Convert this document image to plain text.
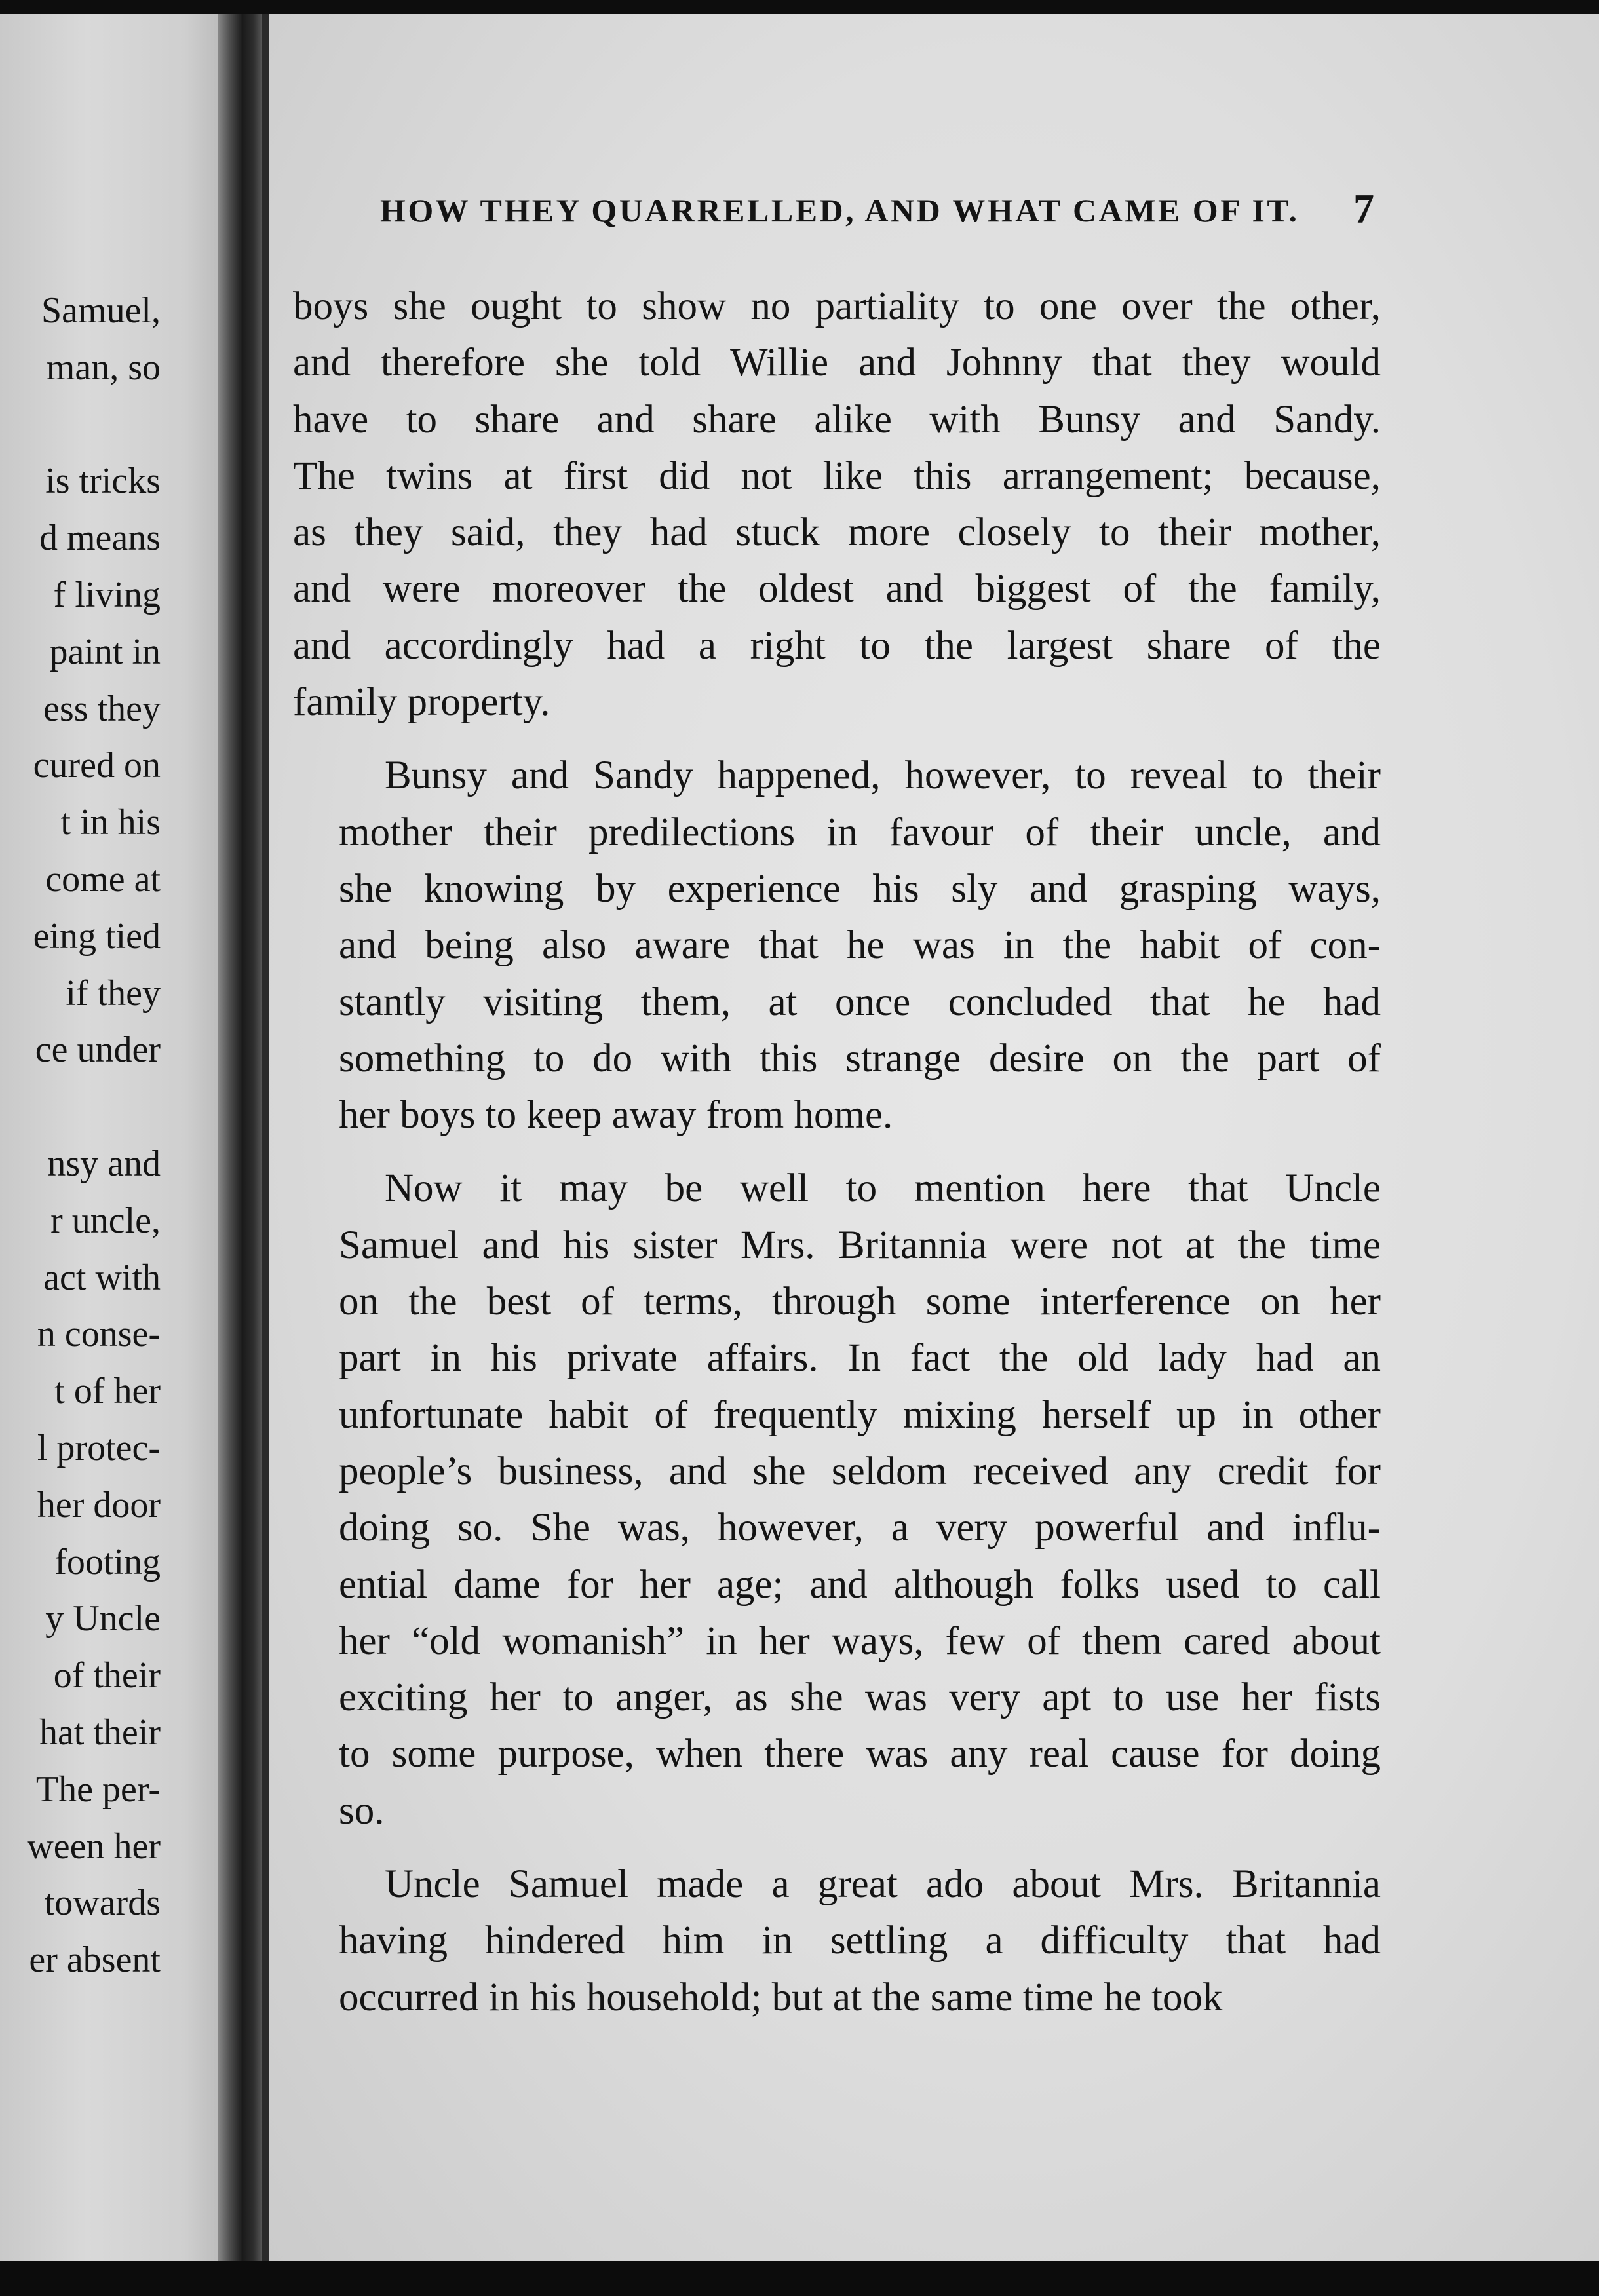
Samuel,
man, so
is tricks
d means
f living
paint in
ess they
cured on
t in his
come at
eing tied
if they
ce under
nsy and
r uncle,
act with
n conse-
t of her
l protec-
her door
footing
y Uncle
of their
hat their
The per-
ween her
towards
er absent
HOW THEY QUARRELLED, AND WHAT CAME OF IT. 7

boys she ought to show no partiality to one over the other,
and therefore she told Willie and Johnny that they would
have to share and share alike with Bunsy and Sandy.
The twins at first did not like this arrangement; because,
as they said, they had stuck more closely to their mother,
and were moreover the oldest and biggest of the family,
and accordingly had a right to the largest share of the
family property.

Bunsy and Sandy happened, however, to reveal to their
mother their predilections in favour of their uncle, and
she knowing by experience his sly and grasping ways,
and being also aware that he was in the habit of con-
stantly visiting them, at once concluded that he had
something to do with this strange desire on the part of
her boys to keep away from home.

Now it may be well to mention here that Uncle
Samuel and his sister Mrs. Britannia were not at the time
on the best of terms, through some interference on her
part in his private affairs. In fact the old lady had an
unfortunate habit of frequently mixing herself up in other
people’s business, and she seldom received any credit for
doing so. She was, however, a very powerful and influ-
ential dame for her age; and although folks used to call
her “old womanish” in her ways, few of them cared about
exciting her to anger, as she was very apt to use her fists
to some purpose, when there was any real cause for doing
so.

Uncle Samuel made a great ado about Mrs. Britannia
having hindered him in settling a difficulty that had
occurred in his household; but at the same time he took
